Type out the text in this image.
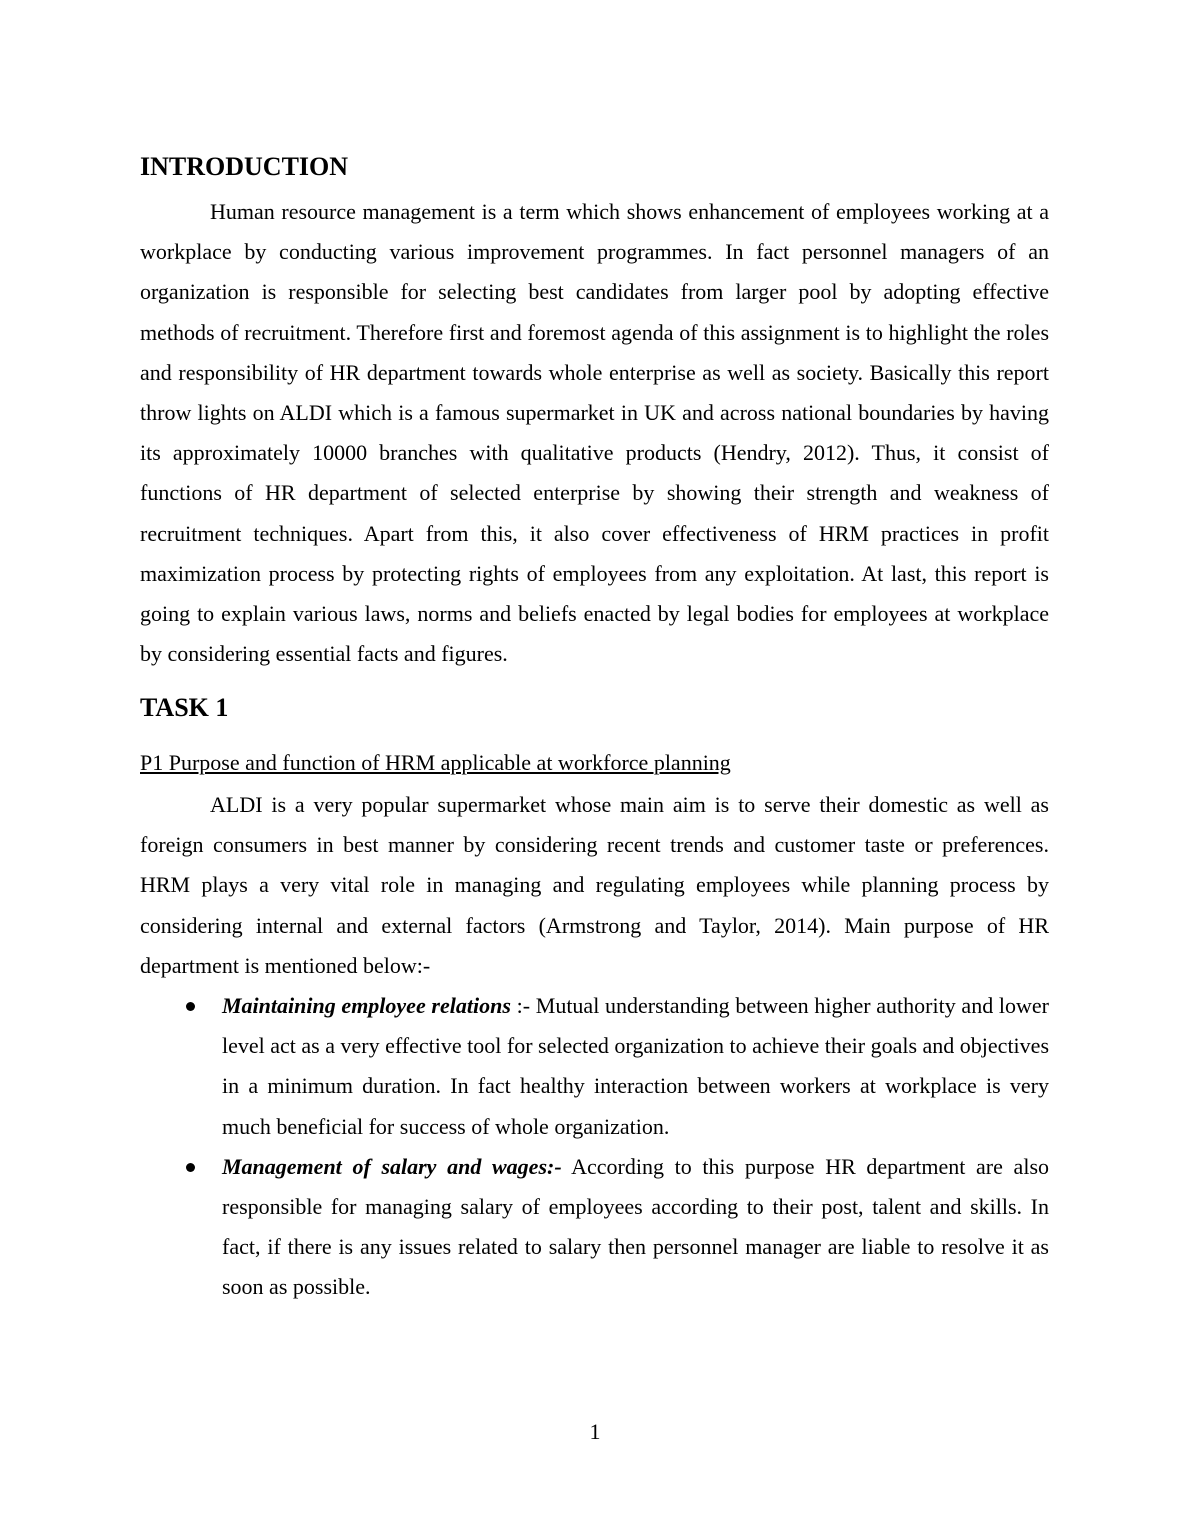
INTRODUCTION

Human resource management is a term which shows enhancement of employees working at a workplace by conducting various improvement programmes. In fact personnel managers of an organization is responsible for selecting best candidates from larger pool by adopting effective methods of recruitment. Therefore first and foremost agenda of this assignment is to highlight the roles and responsibility of HR department towards whole enterprise as well as society. Basically this report throw lights on ALDI which is a famous supermarket in UK and across national boundaries by having its approximately 10000 branches with qualitative products (Hendry, 2012). Thus, it consist of functions of HR department of selected enterprise by showing their strength and weakness of recruitment techniques. Apart from this, it also cover effectiveness of HRM practices in profit maximization process by protecting rights of employees from any exploitation. At last, this report is going to explain various laws, norms and beliefs enacted by legal bodies for employees at workplace by considering essential facts and figures.

TASK 1

P1 Purpose and function of HRM applicable at workforce planning

ALDI is a very popular supermarket whose main aim is to serve their domestic as well as foreign consumers in best manner by considering recent trends and customer taste or preferences. HRM plays a very vital role in managing and regulating employees while planning process by considering internal and external factors (Armstrong and Taylor, 2014). Main purpose of HR department is mentioned below:-

Maintaining employee relations :- Mutual understanding between higher authority and lower level act as a very effective tool for selected organization to achieve their goals and objectives in a minimum duration. In fact healthy interaction between workers at workplace is very much beneficial for success of whole organization.
Management of salary and wages:- According to this purpose HR department are also responsible for managing salary of employees according to their post, talent and skills. In fact, if there is any issues related to salary then personnel manager are liable to resolve it as soon as possible.
1
